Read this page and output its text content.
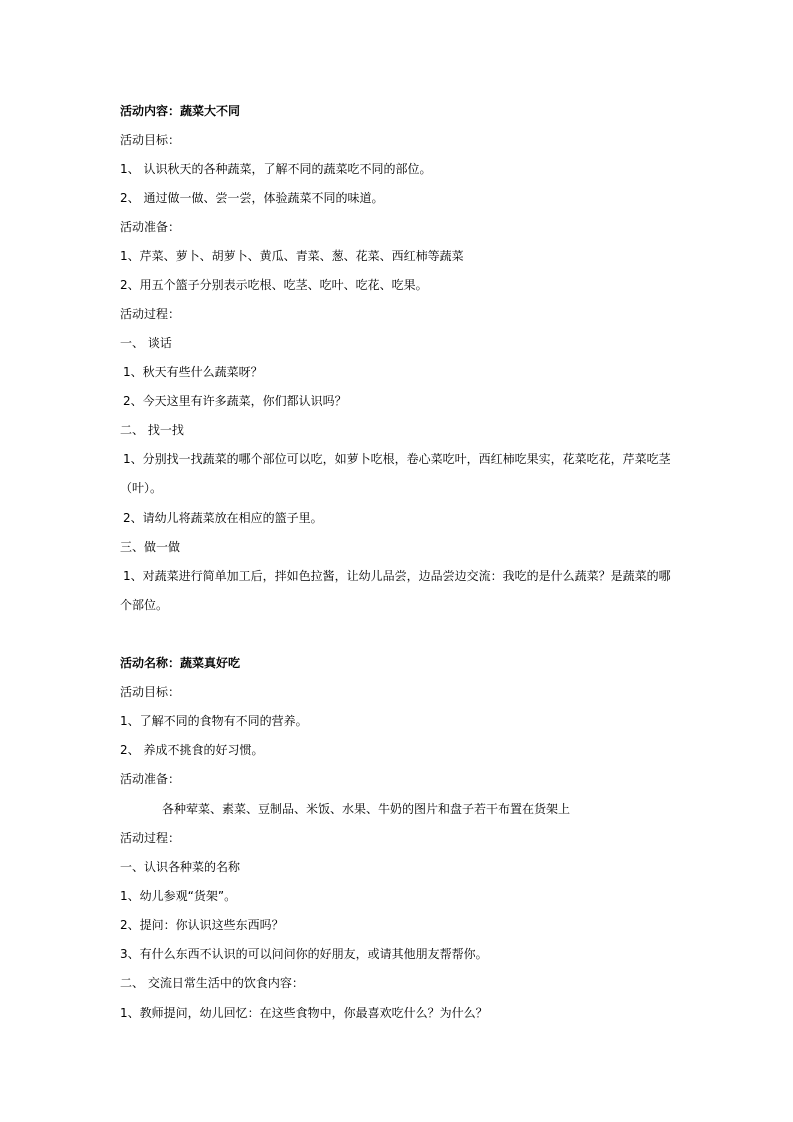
活动内容：蔬菜大不同
活动目标：
1、 认识秋天的各种蔬菜，了解不同的蔬菜吃不同的部位。
2、 通过做一做、尝一尝，体验蔬菜不同的味道。
活动准备：
1、芹菜、萝卜、胡萝卜、黄瓜、青菜、葱、花菜、西红柿等蔬菜
2、用五个篮子分别表示吃根、吃茎、吃叶、吃花、吃果。
活动过程：
一、 谈话
1、秋天有些什么蔬菜呀？
2、今天这里有许多蔬菜，你们都认识吗？
二、 找一找
1、分别找一找蔬菜的哪个部位可以吃，如萝卜吃根，卷心菜吃叶，西红柿吃果实，花菜吃花，芹菜吃茎
（叶）。
2、请幼儿将蔬菜放在相应的篮子里。
三、做一做
1、对蔬菜进行简单加工后，拌如色拉酱，让幼儿品尝，边品尝边交流：我吃的是什么蔬菜？是蔬菜的哪
个部位。
活动名称：蔬菜真好吃
活动目标：
1、了解不同的食物有不同的营养。
2、 养成不挑食的好习惯。
活动准备：
各种荤菜、素菜、豆制品、米饭、水果、牛奶的图片和盘子若干布置在货架上
活动过程：
一、认识各种菜的名称
1、幼儿参观“货架”。
2、提问：你认识这些东西吗？
3、有什么东西不认识的可以问问你的好朋友，或请其他朋友帮帮你。
二、 交流日常生活中的饮食内容：
1、教师提问，幼儿回忆：在这些食物中，你最喜欢吃什么？为什么？
